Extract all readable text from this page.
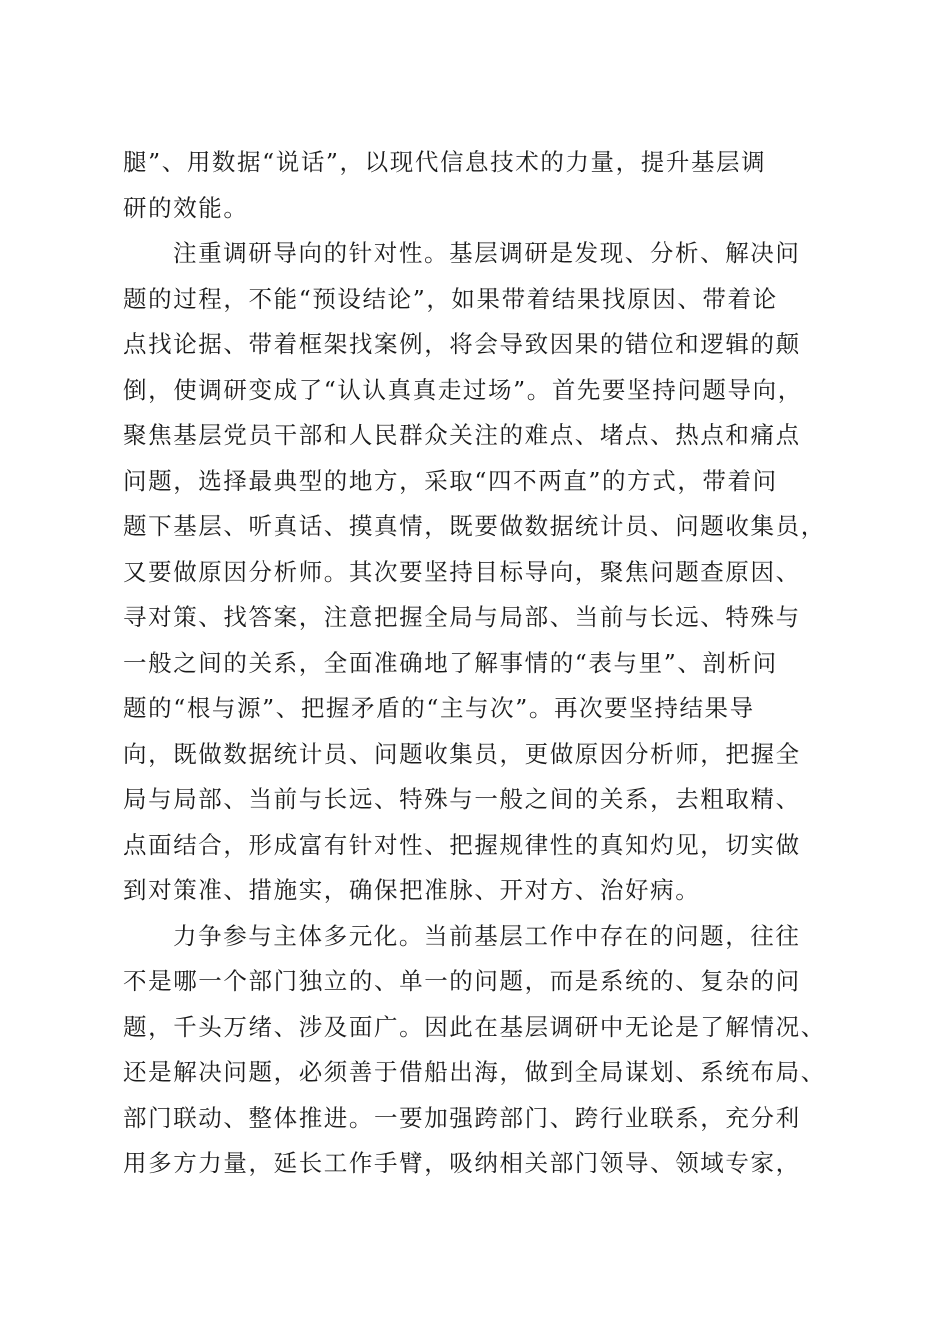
腿”、用数据“说话”，以现代信息技术的力量，提升基层调
研的效能。
注重调研导向的针对性。基层调研是发现、分析、解决问
题的过程，不能“预设结论”，如果带着结果找原因、带着论
点找论据、带着框架找案例，将会导致因果的错位和逻辑的颠
倒，使调研变成了“认认真真走过场”。首先要坚持问题导向，
聚焦基层党员干部和人民群众关注的难点、堵点、热点和痛点
问题，选择最典型的地方，采取“四不两直”的方式，带着问
题下基层、听真话、摸真情，既要做数据统计员、问题收集员，
又要做原因分析师。其次要坚持目标导向，聚焦问题查原因、
寻对策、找答案，注意把握全局与局部、当前与长远、特殊与
一般之间的关系，全面准确地了解事情的“表与里”、剖析问
题的“根与源”、把握矛盾的“主与次”。再次要坚持结果导
向，既做数据统计员、问题收集员，更做原因分析师，把握全
局与局部、当前与长远、特殊与一般之间的关系，去粗取精、
点面结合，形成富有针对性、把握规律性的真知灼见，切实做
到对策准、措施实，确保把准脉、开对方、治好病。
力争参与主体多元化。当前基层工作中存在的问题，往往
不是哪一个部门独立的、单一的问题，而是系统的、复杂的问
题，千头万绪、涉及面广。因此在基层调研中无论是了解情况、
还是解决问题，必须善于借船出海，做到全局谋划、系统布局、
部门联动、整体推进。一要加强跨部门、跨行业联系，充分利
用多方力量，延长工作手臂，吸纳相关部门领导、领域专家，
